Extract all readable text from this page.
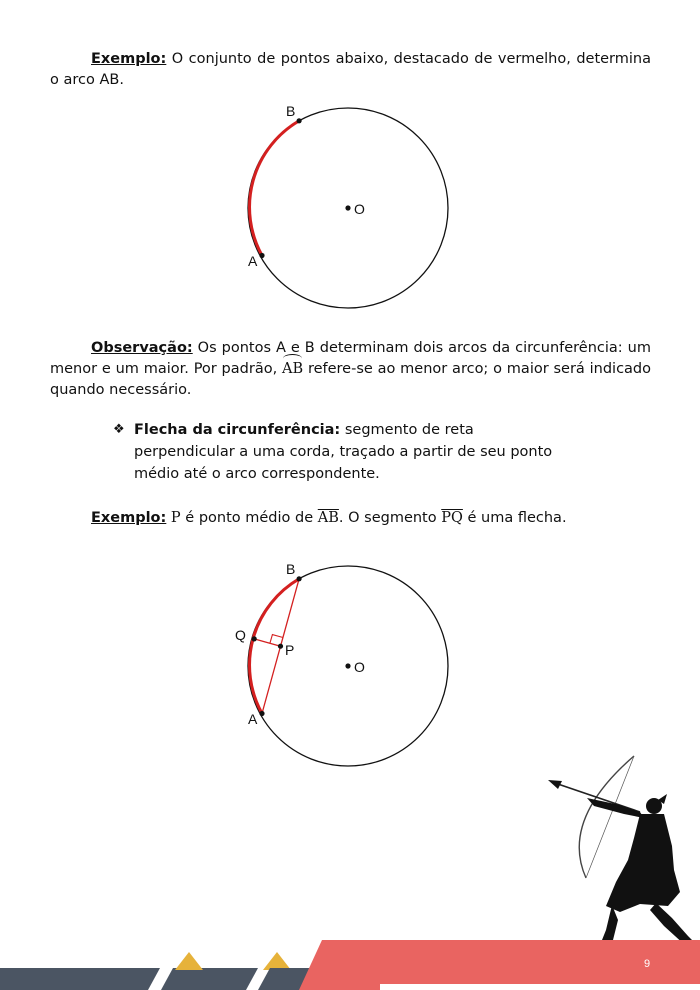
Exemplo: O conjunto de pontos abaixo, destacado de vermelho, determina o arco AB.
B
A
O
B
Q
P
A
O
Observação: Os pontos A e B determinam dois arcos da circunferência: um menor e um maior. Por padrão, AB refere-se ao menor arco; o maior será indicado quando necessário.
❖ Flecha da circunferência: segmento de reta perpendicular a uma corda, traçado a partir de seu ponto médio até o arco correspondente.
Exemplo: P é ponto médio de $\overline{AB}$. O segmento $\overline{PQ}$ é uma flecha.
9
